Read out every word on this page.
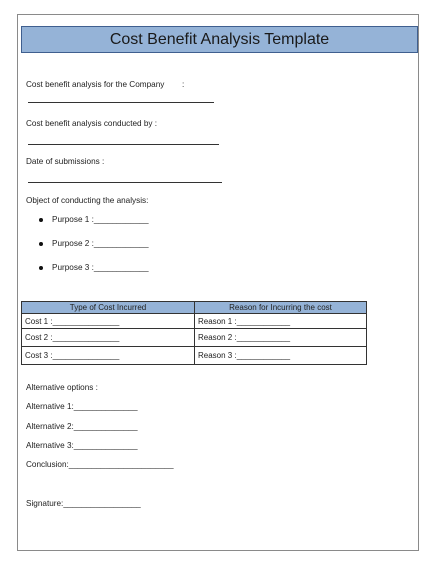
Cost Benefit Analysis Template
Cost benefit analysis for the Company :
Cost benefit analysis conducted by :
Date of submissions :
Object of conducting the analysis:
Purpose 1 :____________
Purpose 2 :____________
Purpose 3 :____________
Type of Cost Incurred	Reason for Incurring the cost
Cost 1 :_______________	Reason 1 :____________
Cost 2 :_______________	Reason 2 :____________
Cost 3 :_______________	Reason 3 :____________
Alternative options :
Alternative 1:______________
Alternative 2:______________
Alternative 3:______________
Conclusion:_______________________
Signature:_________________
